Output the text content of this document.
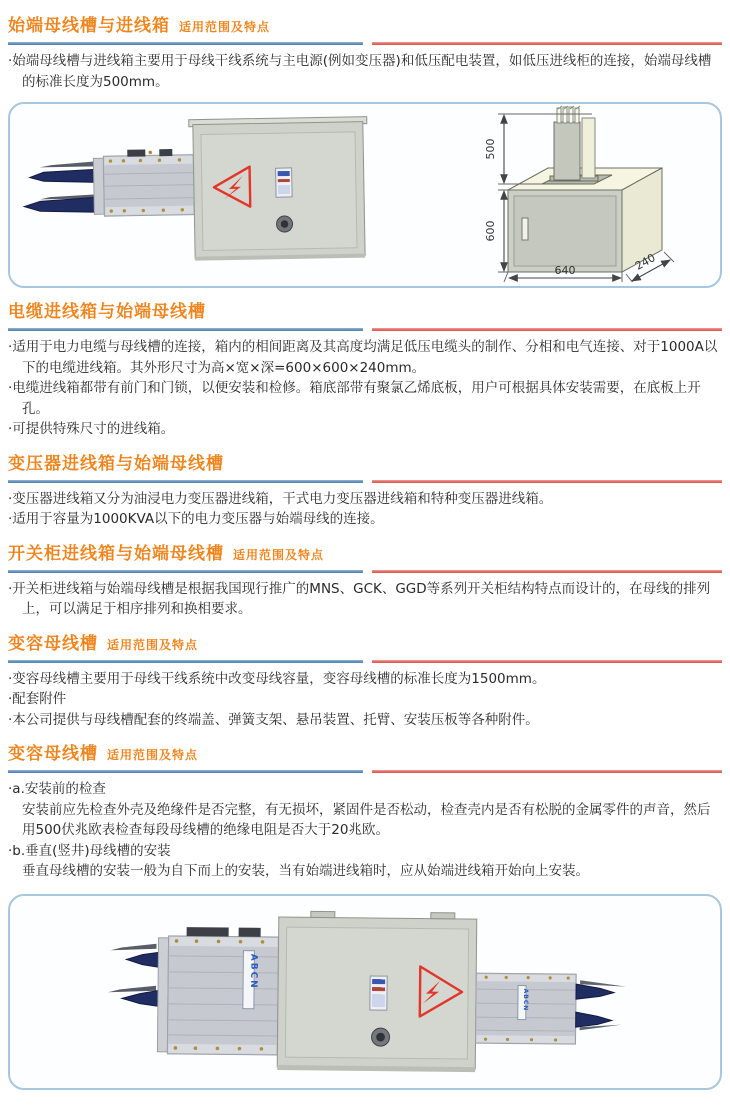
始端母线槽与进线箱 适用范围及特点

·始端母线槽与进线箱主要用于母线干线系统与主电源(例如变压器)和低压配电装置，如低压进线柜的连接，始端母线槽的标准长度为500mm。

500
600
640	240
电缆进线箱与始端母线槽

·适用于电力电缆与母线槽的连接，箱内的相间距离及其高度均满足低压电缆头的制作、分相和电气连接、对于1000A以下的电缆进线箱。其外形尺寸为高×宽×深=600×600×240mm。

·电缆进线箱都带有前门和门锁，以便安装和检修。箱底部带有聚氯乙烯底板，用户可根据具体安装需要，在底板上开孔。

·可提供特殊尺寸的进线箱。

变压器进线箱与始端母线槽

·变压器进线箱又分为油浸电力变压器进线箱，干式电力变压器进线箱和特种变压器进线箱。

·适用于容量为1000KVA以下的电力变压器与始端母线的连接。

开关柜进线箱与始端母线槽 适用范围及特点

·开关柜进线箱与始端母线槽是根据我国现行推广的MNS、GCK、GGD等系列开关柜结构特点而设计的，在母线的排列上，可以满足于相序排列和换相要求。

变容母线槽 适用范围及特点

·变容母线槽主要用于母线干线系统中改变母线容量，变容母线槽的标准长度为1500mm。

·配套附件

·本公司提供与母线槽配套的终端盖、弹簧支架、悬吊装置、托臂、安装压板等各种附件。

变容母线槽 适用范围及特点

·a.安装前的检查

安装前应先检查外壳及绝缘件是否完整，有无损坏，紧固件是否松动，检查壳内是否有松脱的金属零件的声音，然后用500伏兆欧表检查每段母线槽的绝缘电阻是否大于20兆欧。

·b.垂直(竖井)母线槽的安装

垂直母线槽的安装一般为自下而上的安装，当有始端进线箱时，应从始端进线箱开始向上安装。

ABCN
ABCN
